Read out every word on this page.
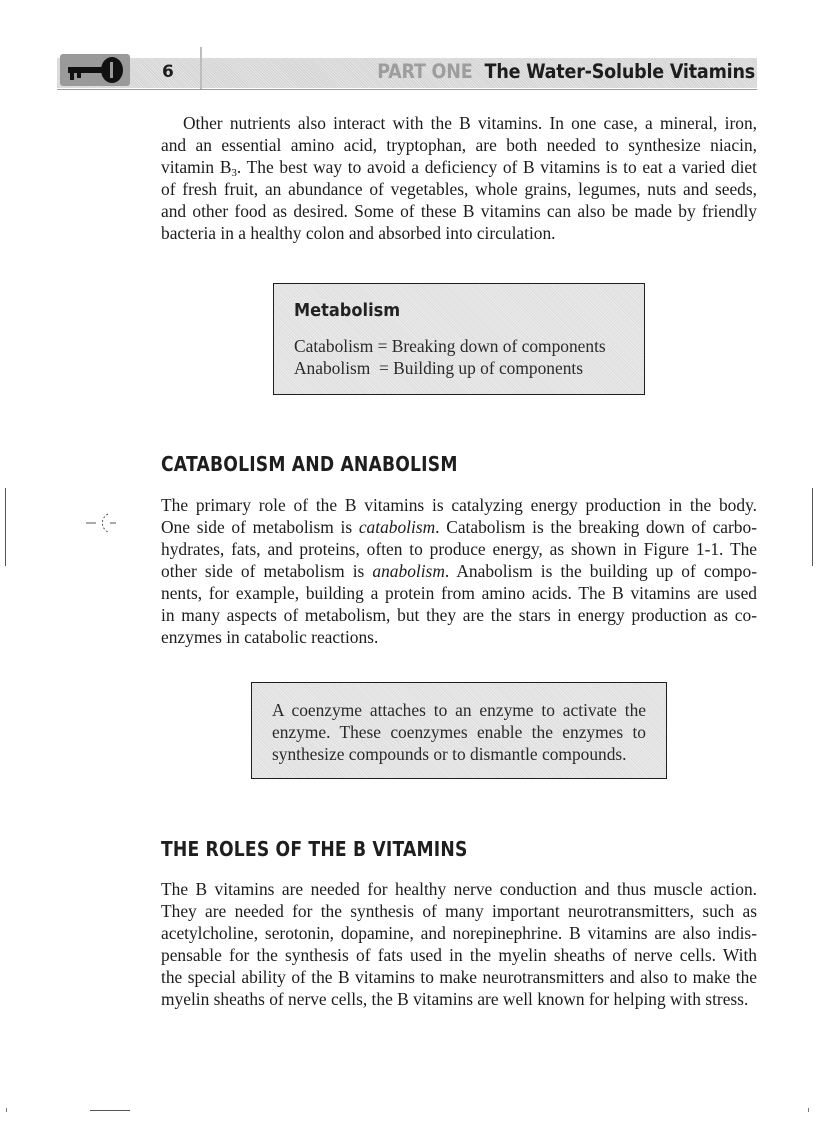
6	PART ONE The Water-Soluble Vitamins
Other nutrients also interact with the B vitamins. In one case, a mineral, iron,
and an essential amino acid, tryptophan, are both needed to synthesize niacin,
vitamin $B_3$. The best way to avoid a deficiency of B vitamins is to eat a varied diet
of fresh fruit, an abundance of vegetables, whole grains, legumes, nuts and seeds,
and other food as desired. Some of these B vitamins can also be made by friendly
bacteria in a healthy colon and absorbed into circulation.
Metabolism
Catabolism = Breaking down of components
Anabolism  = Building up of components
CATABOLISM AND ANABOLISM
The primary role of the B vitamins is catalyzing energy production in the body.
One side of metabolism is catabolism. Catabolism is the breaking down of carbo-
hydrates, fats, and proteins, often to produce energy, as shown in Figure 1-1. The
other side of metabolism is anabolism. Anabolism is the building up of compo-
nents, for example, building a protein from amino acids. The B vitamins are used
in many aspects of metabolism, but they are the stars in energy production as co-
enzymes in catabolic reactions.
A coenzyme attaches to an enzyme to activate the
enzyme. These coenzymes enable the enzymes to
synthesize compounds or to dismantle compounds.
THE ROLES OF THE B VITAMINS
The B vitamins are needed for healthy nerve conduction and thus muscle action.
They are needed for the synthesis of many important neurotransmitters, such as
acetylcholine, serotonin, dopamine, and norepinephrine. B vitamins are also indis-
pensable for the synthesis of fats used in the myelin sheaths of nerve cells. With
the special ability of the B vitamins to make neurotransmitters and also to make the
myelin sheaths of nerve cells, the B vitamins are well known for helping with stress.
